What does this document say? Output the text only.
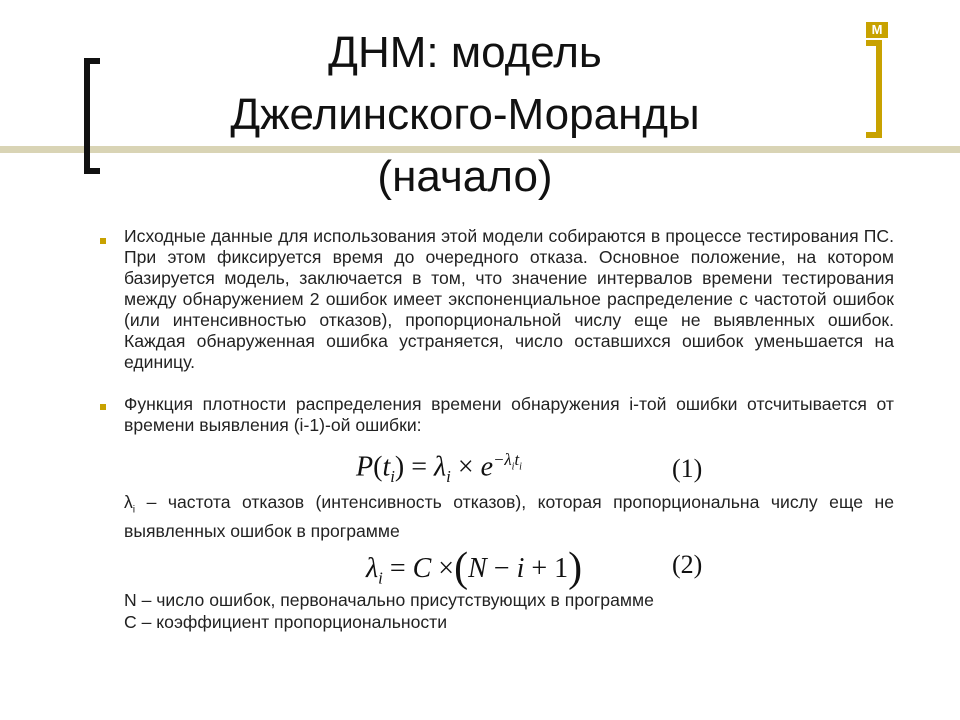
M
ДНМ: модель
Джелинского-Моранды
(начало)
Исходные данные для использования этой модели собираются в процессе тестирования ПС. При этом фиксируется время до очередного отказа. Основное положение, на котором базируется модель, заключается в том, что значение интервалов времени тестирования между обнаружением 2 ошибок имеет экспоненциальное распределение с частотой ошибок (или интенсивностью отказов), пропорциональной числу еще не выявленных ошибок. Каждая обнаруженная ошибка устраняется, число оставшихся ошибок уменьшается на единицу.
Функция плотности распределения времени обнаружения i-той ошибки отсчитывается от времени выявления (i-1)-ой ошибки:
$P(t_i) = \lambda_i \times e^{-\lambda_it_i}$	(1)
$\lambda_i$ – частота отказов (интенсивность отказов), которая пропорциональна числу еще не выявленных ошибок в программе
$\lambda_i = C \times(N - i + 1)$	(2)
N – число ошибок, первоначально присутствующих в программе
C – коэффициент пропорциональности
